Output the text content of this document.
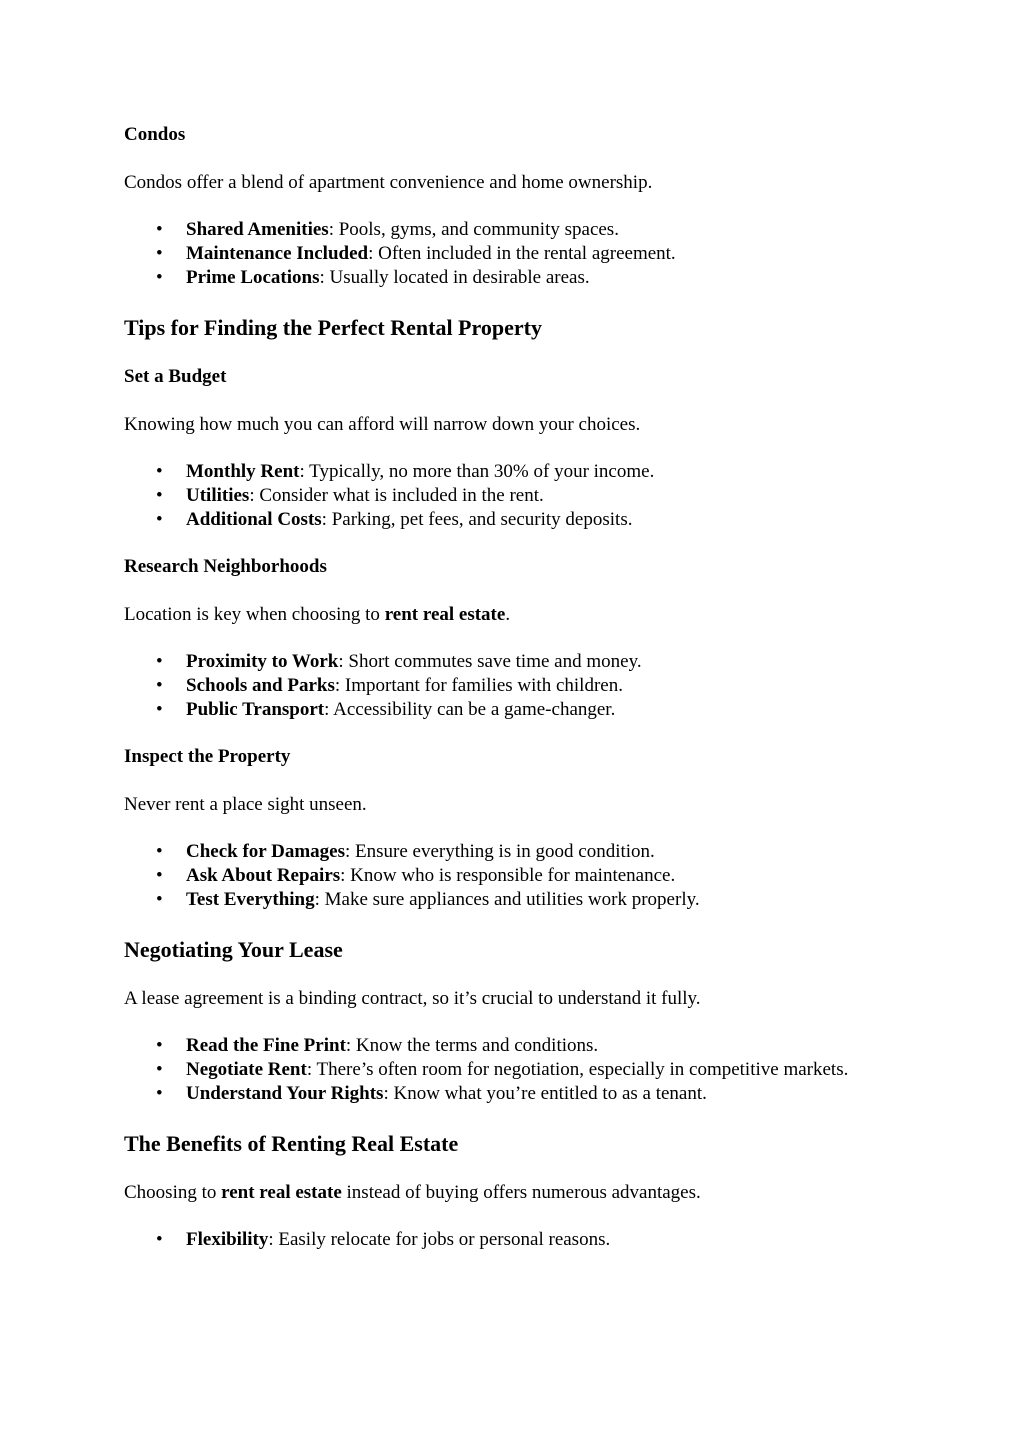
Condos
Condos offer a blend of apartment convenience and home ownership.
• Shared Amenities: Pools, gyms, and community spaces.
• Maintenance Included: Often included in the rental agreement.
• Prime Locations: Usually located in desirable areas.
Tips for Finding the Perfect Rental Property
Set a Budget
Knowing how much you can afford will narrow down your choices.
• Monthly Rent: Typically, no more than 30% of your income.
• Utilities: Consider what is included in the rent.
• Additional Costs: Parking, pet fees, and security deposits.
Research Neighborhoods
Location is key when choosing to rent real estate.
• Proximity to Work: Short commutes save time and money.
• Schools and Parks: Important for families with children.
• Public Transport: Accessibility can be a game-changer.
Inspect the Property
Never rent a place sight unseen.
• Check for Damages: Ensure everything is in good condition.
• Ask About Repairs: Know who is responsible for maintenance.
• Test Everything: Make sure appliances and utilities work properly.
Negotiating Your Lease
A lease agreement is a binding contract, so it’s crucial to understand it fully.
• Read the Fine Print: Know the terms and conditions.
• Negotiate Rent: There’s often room for negotiation, especially in competitive markets.
• Understand Your Rights: Know what you’re entitled to as a tenant.
The Benefits of Renting Real Estate
Choosing to rent real estate instead of buying offers numerous advantages.
• Flexibility: Easily relocate for jobs or personal reasons.
